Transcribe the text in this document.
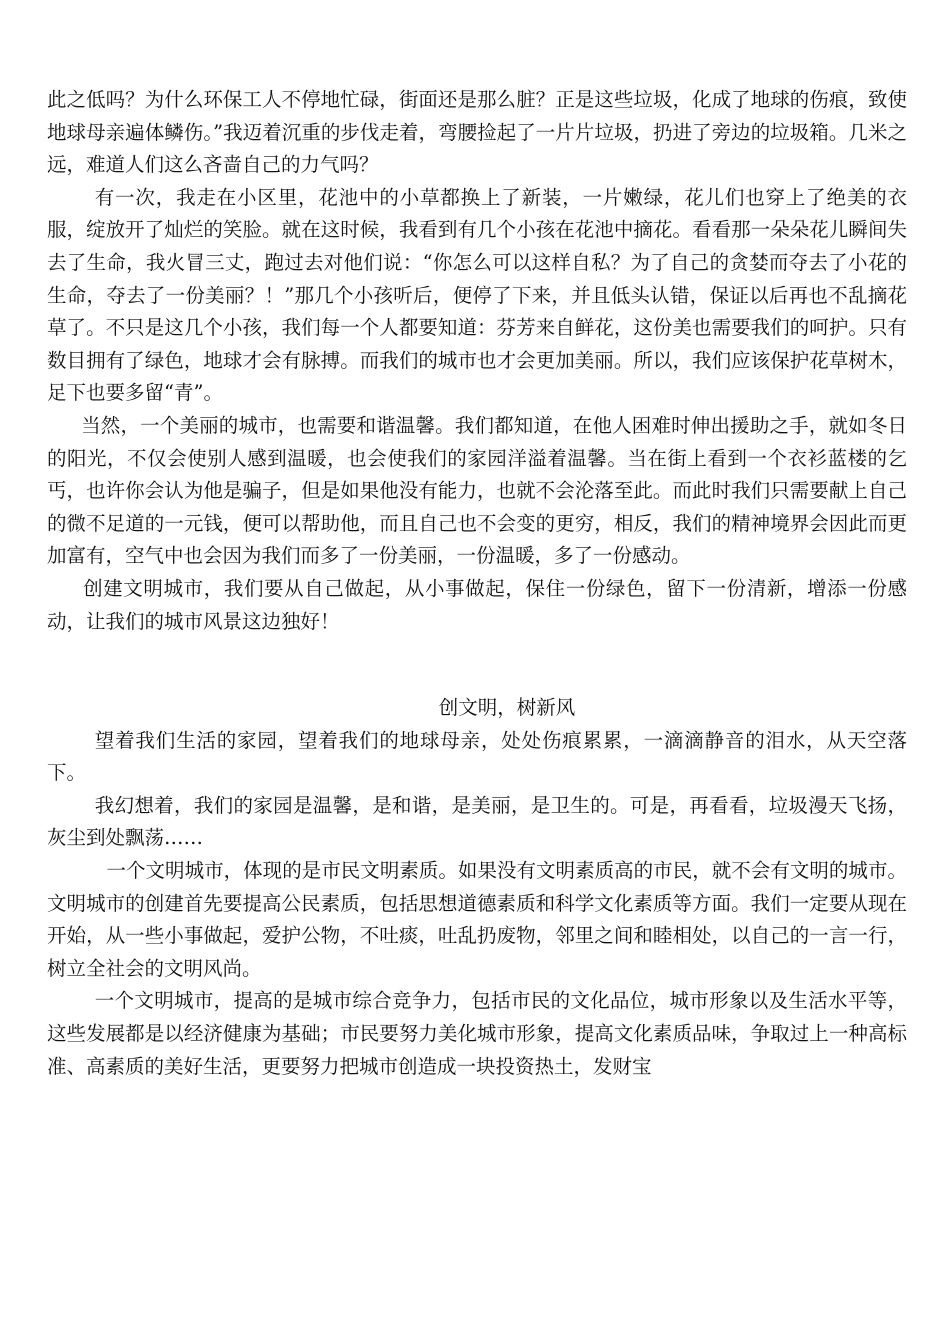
此之低吗？为什么环保工人不停地忙碌，街面还是那么脏？正是这些垃圾，化成了地球的伤痕，致使地球母亲遍体鳞伤。”我迈着沉重的步伐走着，弯腰捡起了一片片垃圾，扔进了旁边的垃圾箱。几米之远，难道人们这么吝啬自己的力气吗？

有一次，我走在小区里，花池中的小草都换上了新装，一片嫩绿，花儿们也穿上了绝美的衣服，绽放开了灿烂的笑脸。就在这时候，我看到有几个小孩在花池中摘花。看看那一朵朵花儿瞬间失去了生命，我火冒三丈，跑过去对他们说：“你怎么可以这样自私？为了自己的贪婪而夺去了小花的生命，夺去了一份美丽？！”那几个小孩听后，便停了下来，并且低头认错，保证以后再也不乱摘花草了。不只是这几个小孩，我们每一个人都要知道：芬芳来自鲜花，这份美也需要我们的呵护。只有数目拥有了绿色，地球才会有脉搏。而我们的城市也才会更加美丽。所以，我们应该保护花草树木，足下也要多留“青”。

当然，一个美丽的城市，也需要和谐温馨。我们都知道，在他人困难时伸出援助之手，就如冬日的阳光，不仅会使别人感到温暖，也会使我们的家园洋溢着温馨。当在街上看到一个衣衫蓝楼的乞丐，也许你会认为他是骗子，但是如果他没有能力，也就不会沦落至此。而此时我们只需要献上自己的微不足道的一元钱，便可以帮助他，而且自己也不会变的更穷，相反，我们的精神境界会因此而更加富有，空气中也会因为我们而多了一份美丽，一份温暖，多了一份感动。

创建文明城市，我们要从自己做起，从小事做起，保住一份绿色，留下一份清新，增添一份感动，让我们的城市风景这边独好！

创文明，树新风

望着我们生活的家园，望着我们的地球母亲，处处伤痕累累，一滴滴静音的泪水，从天空落下。

我幻想着，我们的家园是温馨，是和谐，是美丽，是卫生的。可是，再看看，垃圾漫天飞扬，灰尘到处飘荡……

一个文明城市，体现的是市民文明素质。如果没有文明素质高的市民，就不会有文明的城市。文明城市的创建首先要提高公民素质，包括思想道德素质和科学文化素质等方面。我们一定要从现在开始，从一些小事做起，爱护公物，不吐痰，吐乱扔废物，邻里之间和睦相处，以自己的一言一行，树立全社会的文明风尚。

一个文明城市，提高的是城市综合竞争力，包括市民的文化品位，城市形象以及生活水平等，这些发展都是以经济健康为基础；市民要努力美化城市形象，提高文化素质品味，争取过上一种高标准、高素质的美好生活，更要努力把城市创造成一块投资热土，发财宝
